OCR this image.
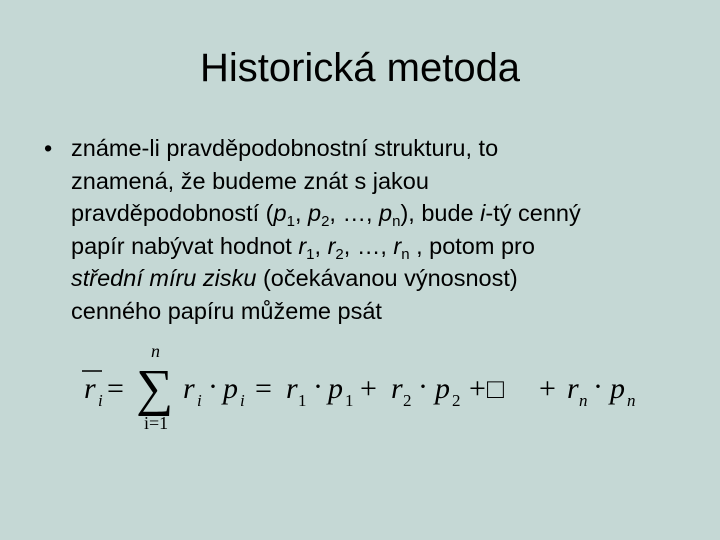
Historická metoda
• známe-li pravděpodobnostní strukturu, to
znamená, že budeme znát s jakou
pravděpodobností ($p_1$, $p_2$, …, $p_n$), bude i-tý cenný
papír nabývat hodnot $r_1$, $r_2$, …, $r_n$ , potom pro
střední míru zisku (očekávanou výnosnost)
cenného papíru můžeme psát
r i =
n
∑
i=1
r i · p i = r 1 · p 1 + r 2 · p 2 + □ + r n · p n
